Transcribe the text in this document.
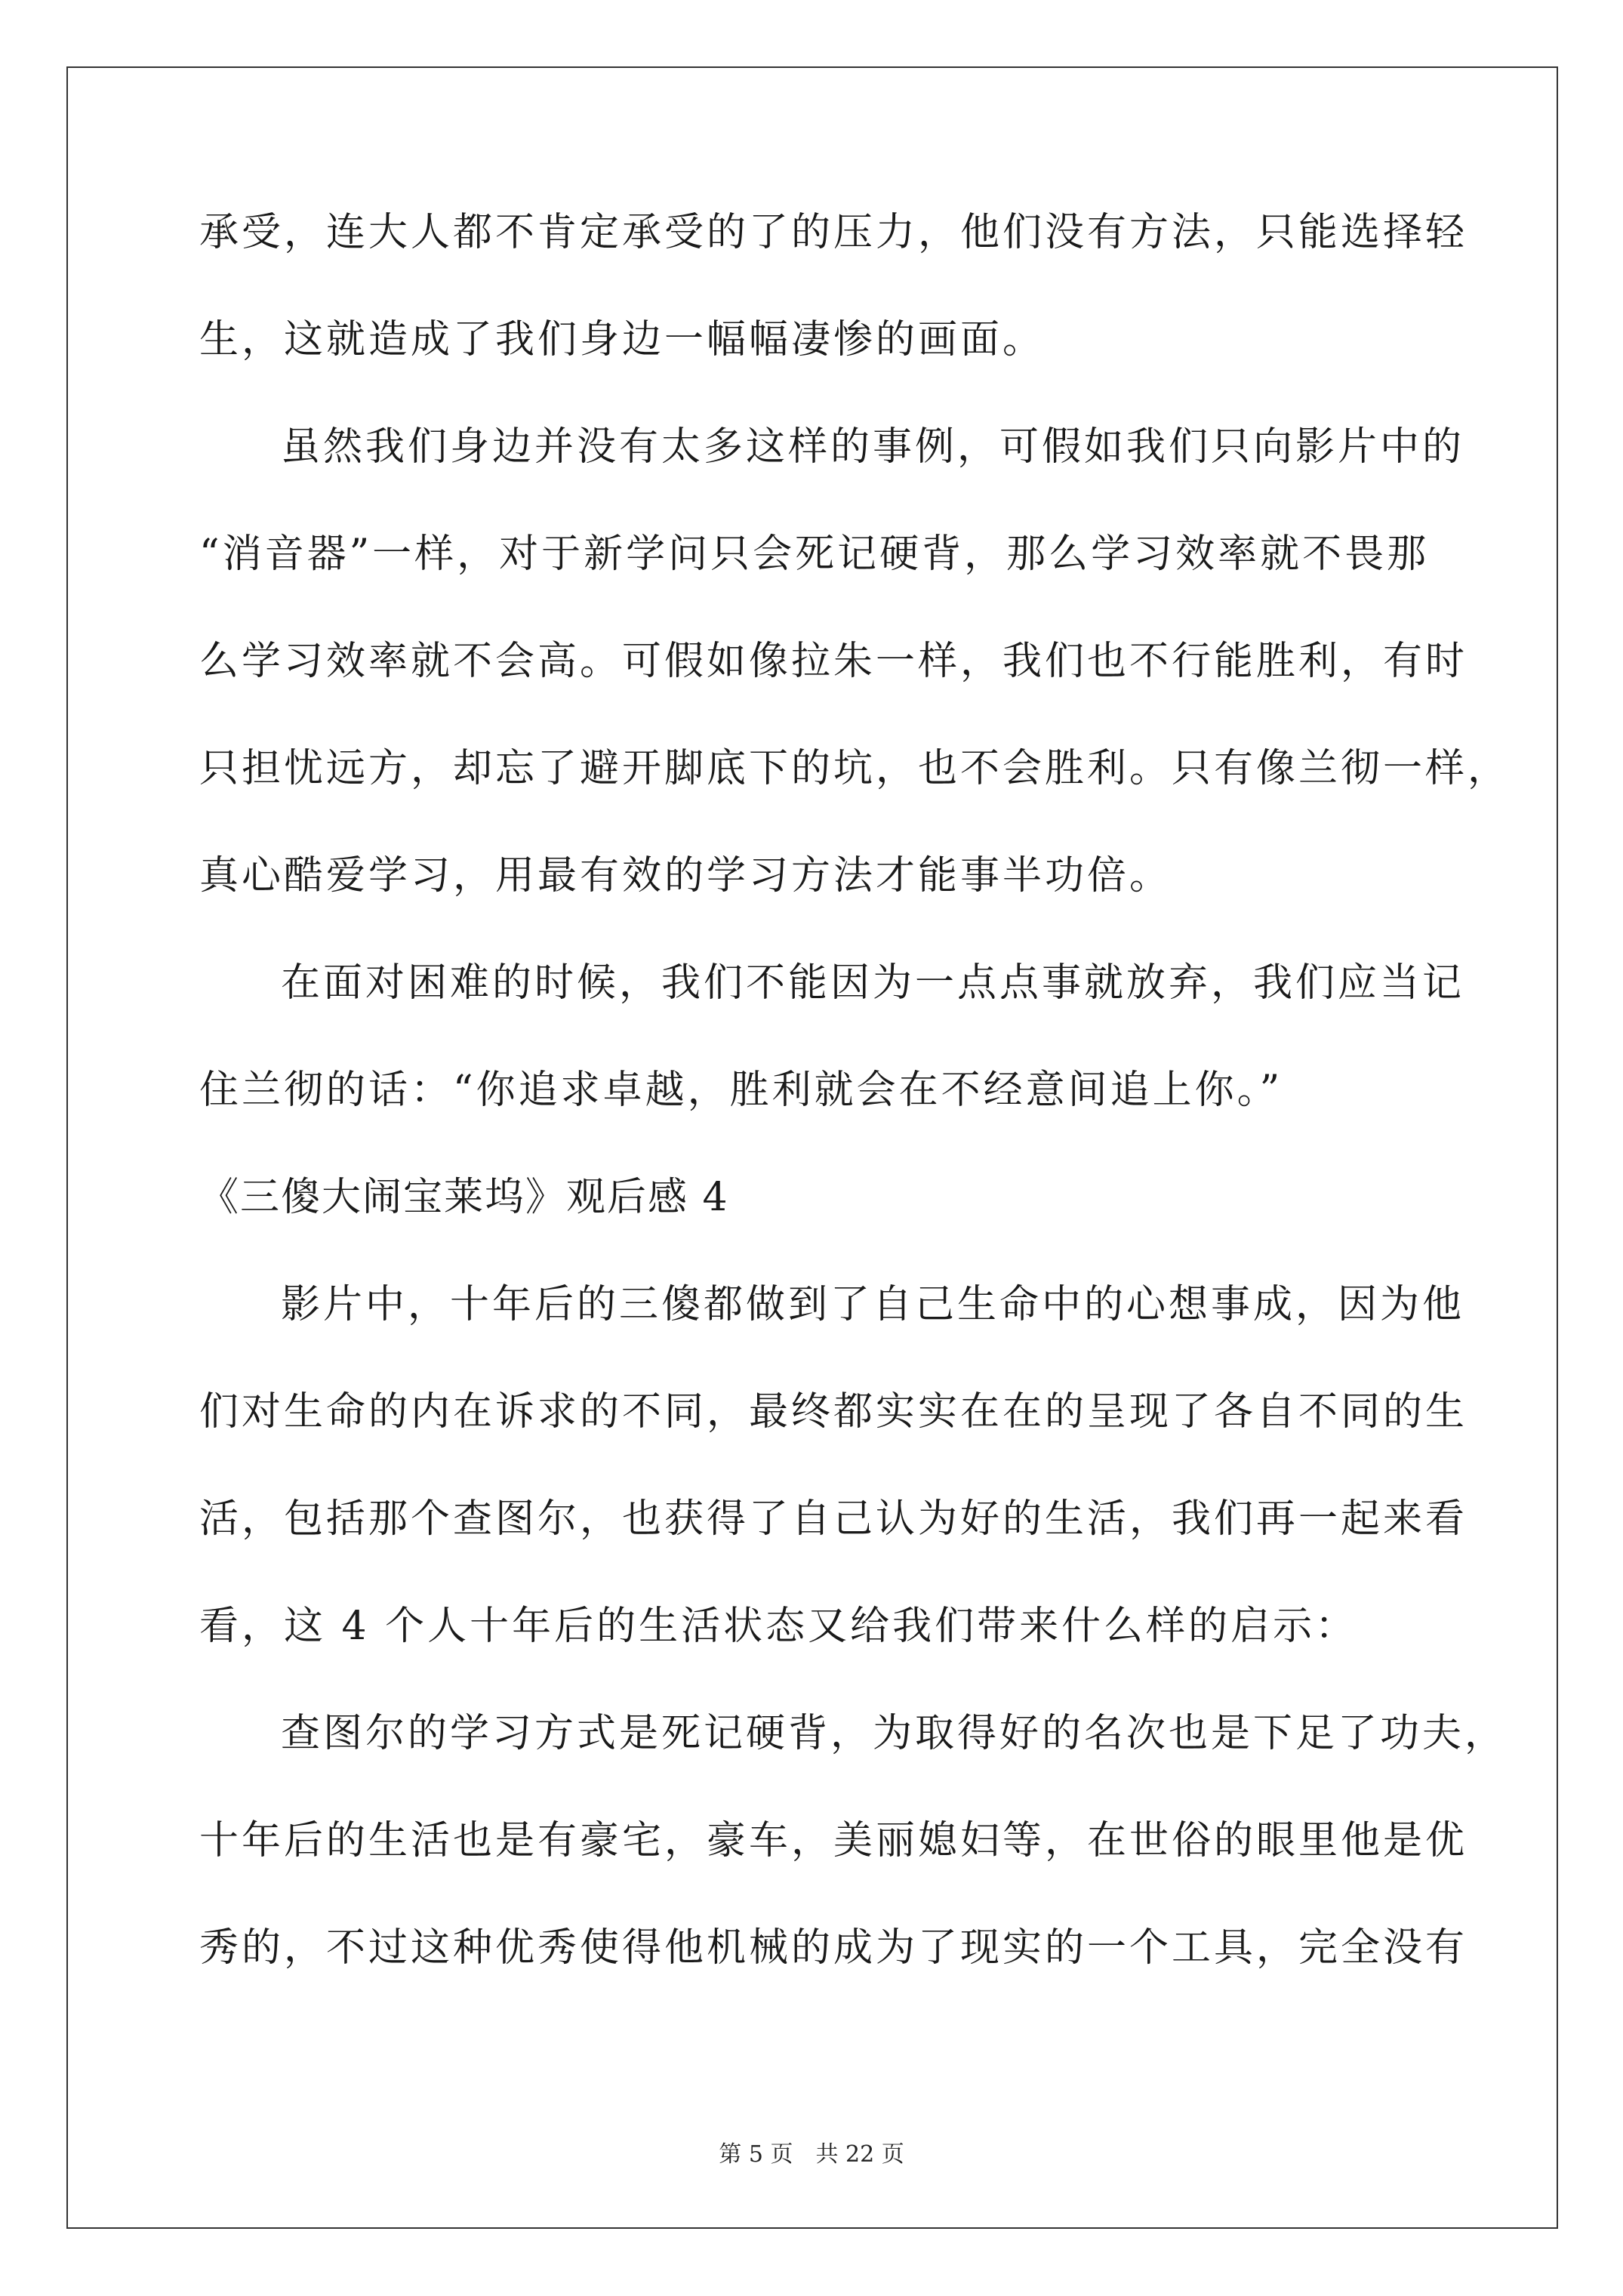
承受，连大人都不肯定承受的了的压力，他们没有方法，只能选择轻
生，这就造成了我们身边一幅幅凄惨的画面。
虽然我们身边并没有太多这样的事例，可假如我们只向影片中的
“消音器”一样，对于新学问只会死记硬背，那么学习效率就不畏那
么学习效率就不会高。可假如像拉朱一样，我们也不行能胜利，有时
只担忧远方，却忘了避开脚底下的坑，也不会胜利。只有像兰彻一样，
真心酷爱学习，用最有效的学习方法才能事半功倍。
在面对困难的时候，我们不能因为一点点事就放弃，我们应当记
住兰彻的话：“你追求卓越，胜利就会在不经意间追上你。”
《三傻大闹宝莱坞》观后感 4
影片中，十年后的三傻都做到了自己生命中的心想事成，因为他
们对生命的内在诉求的不同，最终都实实在在的呈现了各自不同的生
活，包括那个查图尔，也获得了自己认为好的生活，我们再一起来看
看，这 4 个人十年后的生活状态又给我们带来什么样的启示：
查图尔的学习方式是死记硬背，为取得好的名次也是下足了功夫，
十年后的生活也是有豪宅，豪车，美丽媳妇等，在世俗的眼里他是优
秀的，不过这种优秀使得他机械的成为了现实的一个工具，完全没有
第 5 页　共 22 页
